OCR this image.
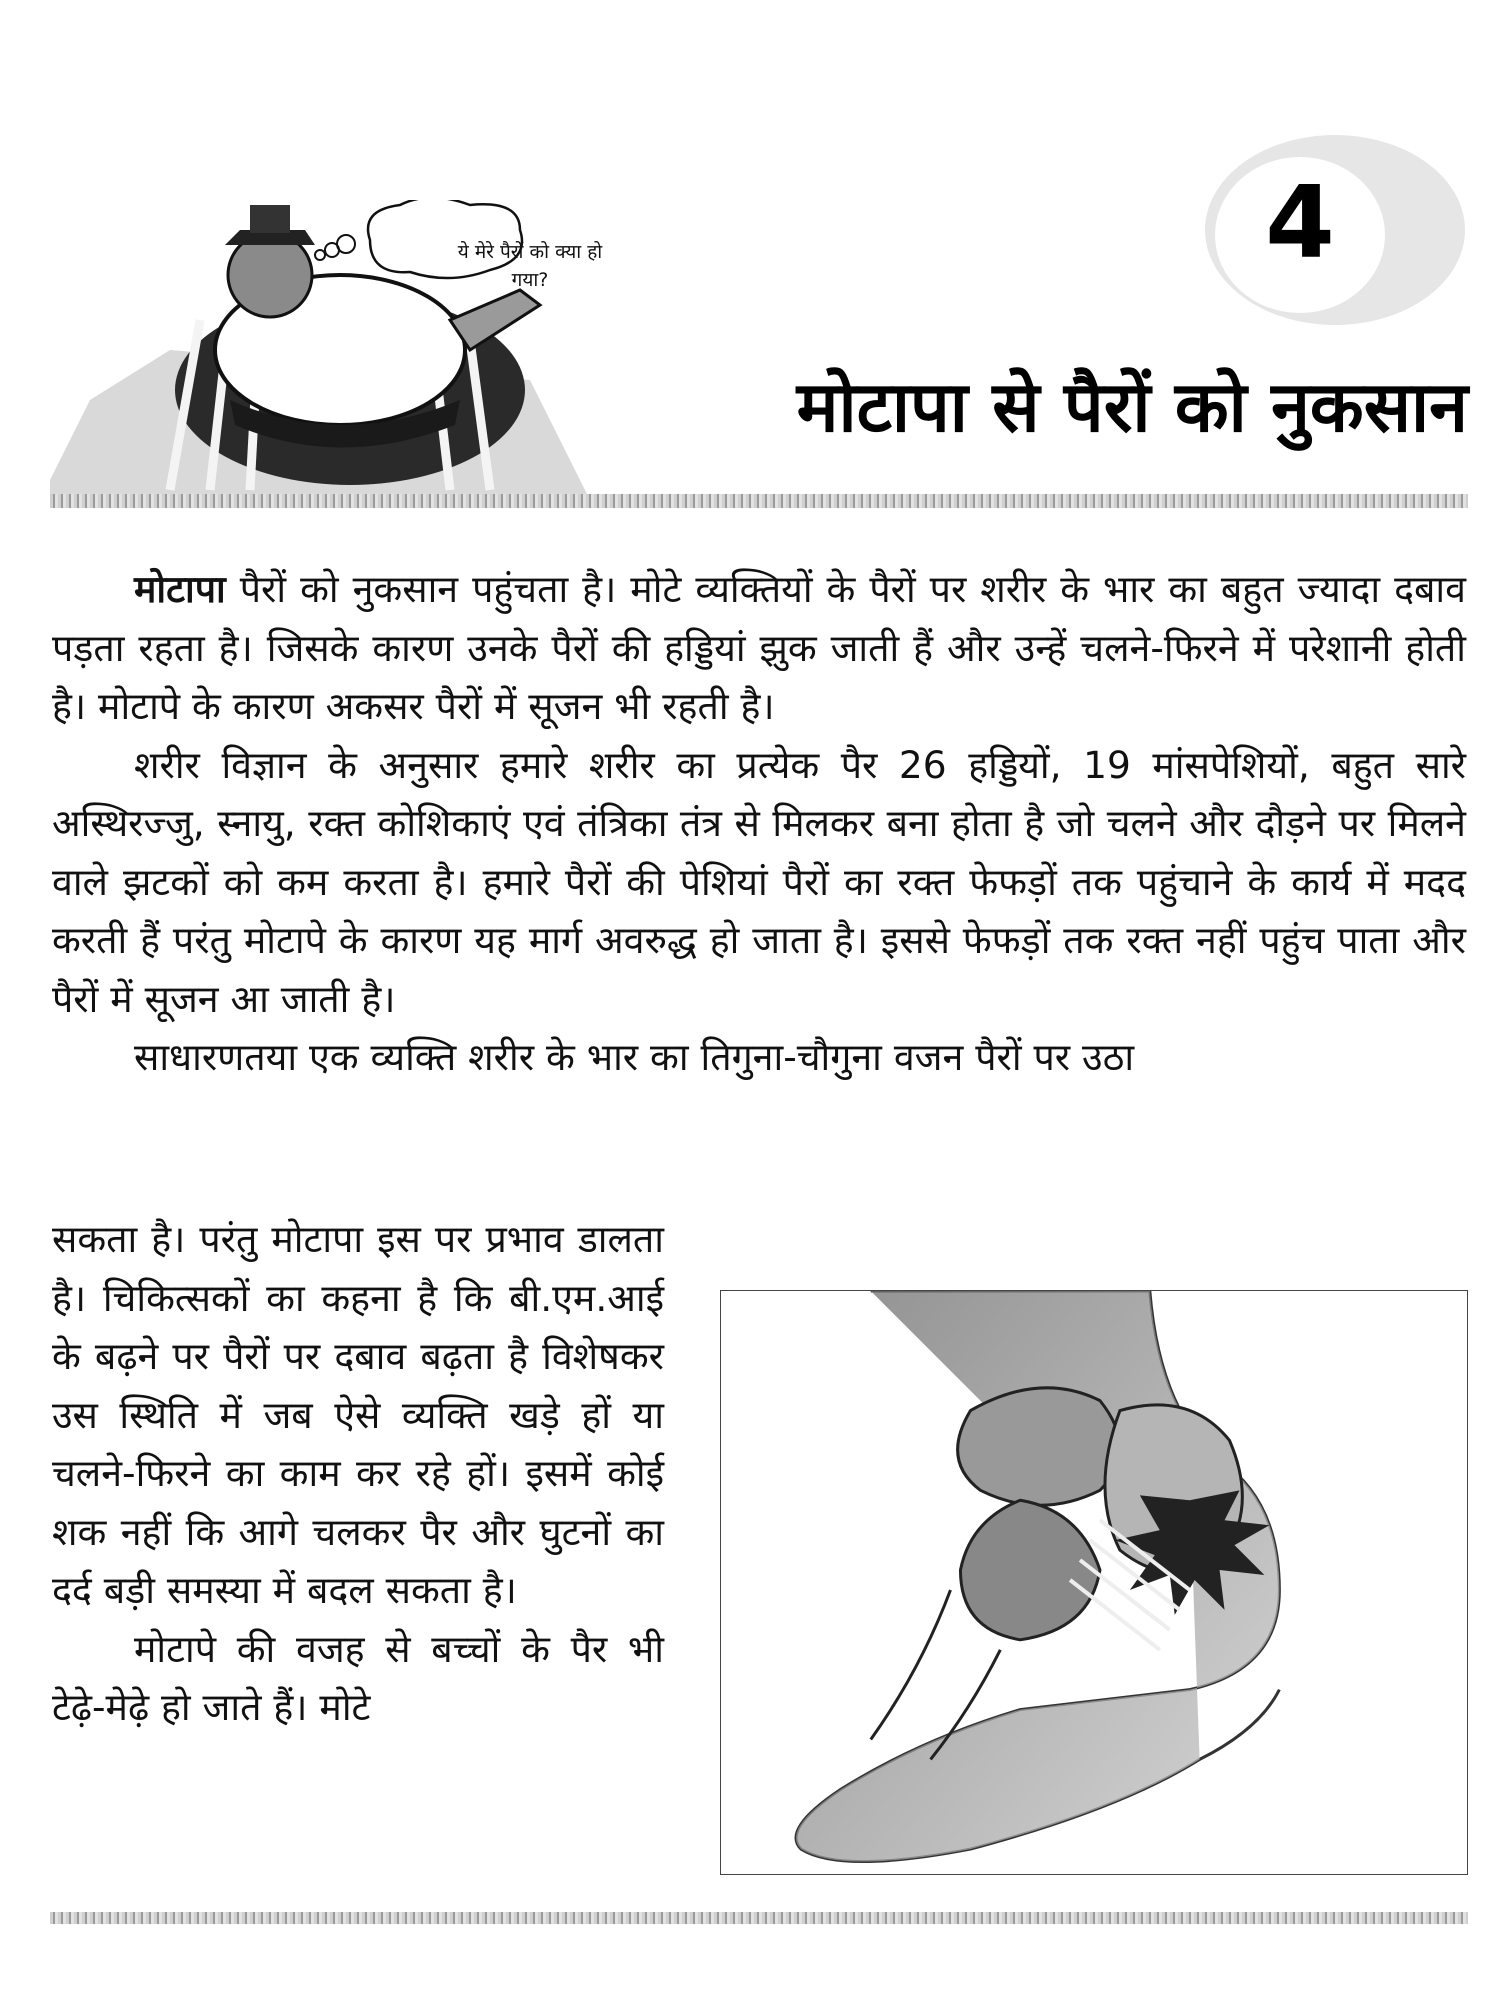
ये मेरे पैरों को क्या हो गया?	4
मोटापा से पैरों को नुकसान

मोटापा पैरों को नुकसान पहुंचता है। मोटे व्यक्तियों के पैरों पर शरीर के भार का बहुत ज्यादा दबाव पड़ता रहता है। जिसके कारण उनके पैरों की हड्डियां झुक जाती हैं और उन्हें चलने-फिरने में परेशानी होती है। मोटापे के कारण अकसर पैरों में सूजन भी रहती है।

शरीर विज्ञान के अनुसार हमारे शरीर का प्रत्येक पैर 26 हड्डियों, 19 मांसपेशियों, बहुत सारे अस्थिरज्जु, स्नायु, रक्त कोशिकाएं एवं तंत्रिका तंत्र से मिलकर बना होता है जो चलने और दौड़ने पर मिलने वाले झटकों को कम करता है। हमारे पैरों की पेशियां पैरों का रक्त फेफड़ों तक पहुंचाने के कार्य में मदद करती हैं परंतु मोटापे के कारण यह मार्ग अवरुद्ध हो जाता है। इससे फेफड़ों तक रक्त नहीं पहुंच पाता और पैरों में सूजन आ जाती है।

साधारणतया एक व्यक्ति शरीर के भार का तिगुना-चौगुना वजन पैरों पर उठा

सकता है। परंतु मोटापा इस पर प्रभाव डालता है। चिकित्सकों का कहना है कि बी.एम.आई के बढ़ने पर पैरों पर दबाव बढ़ता है विशेषकर उस स्थिति में जब ऐसे व्यक्ति खड़े हों या चलने-फिरने का काम कर रहे हों। इसमें कोई शक नहीं कि आगे चलकर पैर और घुटनों का दर्द बड़ी समस्या में बदल सकता है।

मोटापे की वजह से बच्चों के पैर भी टेढ़े-मेढ़े हो जाते हैं। मोटे
